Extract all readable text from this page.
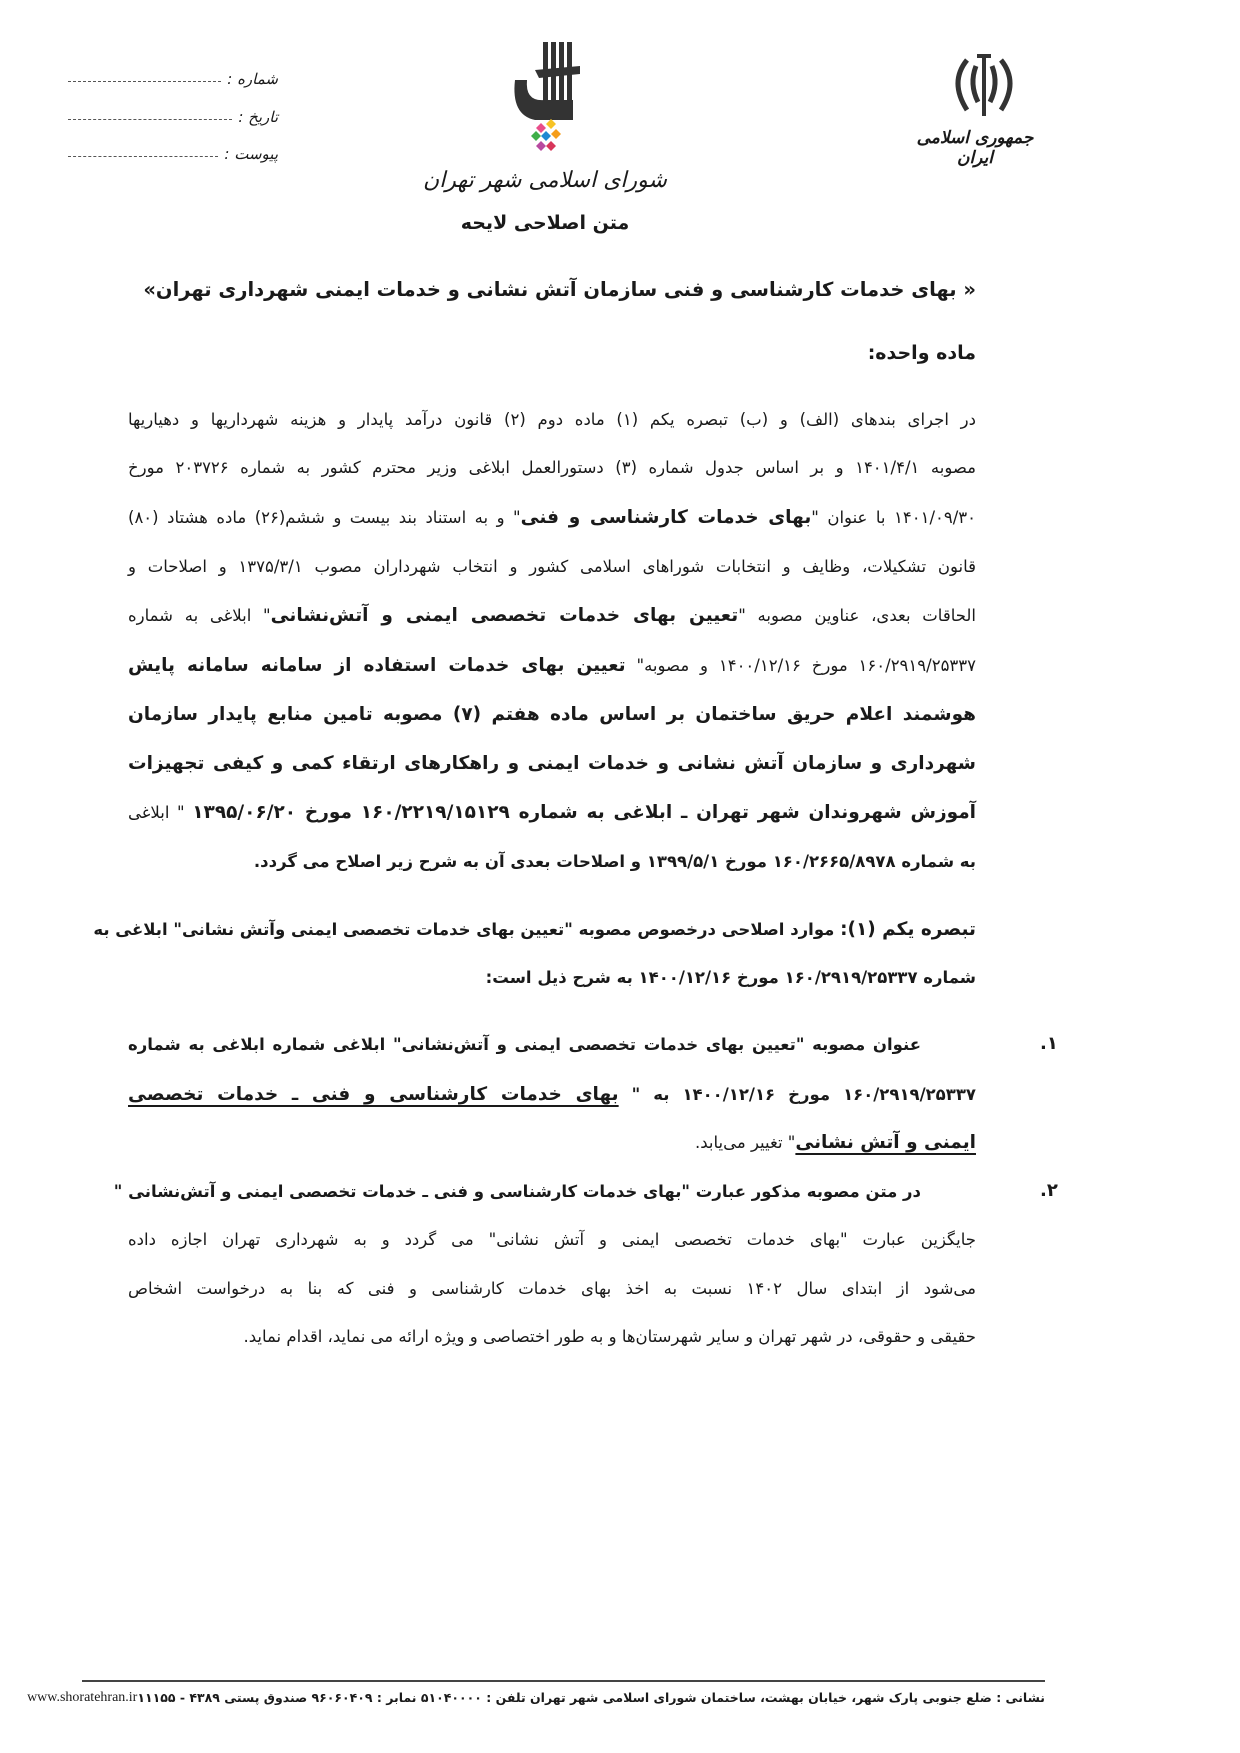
شماره :
تاریخ :
پیوست :
شورای اسلامی شهر تهران
متن اصلاحی لایحه
جمهوری اسلامی ایران
« بهای خدمات کارشناسی و فنی سازمان آتش نشانی و خدمات ایمنی شهرداری تهران»
ماده واحده:
در اجرای بندهای (الف) و (ب) تبصره یکم (۱) ماده دوم (۲) قانون درآمد پایدار و هزینه شهرداریها و دهیاریها
مصوبه ۱۴۰۱/۴/۱ و بر اساس جدول شماره (۳) دستورالعمل ابلاغی وزیر محترم کشور به شماره ۲۰۳۷۲۶ مورخ
۱۴۰۱/۰۹/۳۰ با عنوان "بهای خدمات کارشناسی و فنی" و به استناد بند بیست و ششم(۲۶) ماده هشتاد (۸۰)
قانون تشکیلات، وظایف و انتخابات شوراهای اسلامی کشور و انتخاب شهرداران مصوب ۱۳۷۵/۳/۱ و اصلاحات و
الحاقات بعدی، عناوین مصوبه "تعیین بهای خدمات تخصصی ایمنی و آتش‌نشانی" ابلاغی به شماره
۱۶۰/۲۹۱۹/۲۵۳۳۷ مورخ ۱۴۰۰/۱۲/۱۶ و مصوبه" تعیین بهای خدمات استفاده از سامانه سامانه پایش
هوشمند اعلام حریق ساختمان بر اساس ماده هفتم (۷) مصوبه تامین منابع پایدار سازمان
شهرداری و سازمان آتش نشانی و خدمات ایمنی و راهکارهای ارتقاء کمی و کیفی تجهیزات
آموزش شهروندان شهر تهران ـ ابلاغی به شماره ۱۶۰/۲۲۱۹/۱۵۱۲۹ مورخ ۱۳۹۵/۰۶/۲۰ " ابلاغی
به شماره ۱۶۰/۲۶۶۵/۸۹۷۸ مورخ ۱۳۹۹/۵/۱ و اصلاحات بعدی آن به شرح زیر اصلاح می گردد.
تبصره یکم (۱): موارد اصلاحی درخصوص مصوبه "تعیین بهای خدمات تخصصی ایمنی وآتش نشانی" ابلاغی به
شماره ۱۶۰/۲۹۱۹/۲۵۳۳۷ مورخ ۱۴۰۰/۱۲/۱۶ به شرح ذیل است:
۱.
عنوان مصوبه "تعیین بهای خدمات تخصصی ایمنی و آتش‌نشانی" ابلاغی شماره ابلاغی به شماره
۱۶۰/۲۹۱۹/۲۵۳۳۷ مورخ ۱۴۰۰/۱۲/۱۶ به " بهای خدمات کارشناسی و فنی ـ خدمات تخصصی
ایمنی و آتش نشانی" تغییر می‌یابد.
۲.
در متن مصوبه مذکور عبارت "بهای خدمات کارشناسی و فنی ـ خدمات تخصصی ایمنی و آتش‌نشانی "
جایگزین عبارت "بهای خدمات تخصصی ایمنی و آتش نشانی" می گردد و به شهرداری تهران اجازه داده
می‌شود از ابتدای سال ۱۴۰۲ نسبت به اخذ بهای خدمات کارشناسی و فنی که بنا به درخواست اشخاص
حقیقی و حقوقی، در شهر تهران و سایر شهرستان‌ها و به طور اختصاصی و ویژه ارائه می نماید، اقدام نماید.
نشانی : ضلع جنوبی پارک شهر، خیابان بهشت، ساختمان شورای اسلامی شهر تهران تلفن : ۵۱۰۴۰۰۰۰ نمابر : ۹۶۰۶۰۴۰۹ صندوق پستی ۴۳۸۹ - ۱۱۱۵۵
www.shoratehran.ir
